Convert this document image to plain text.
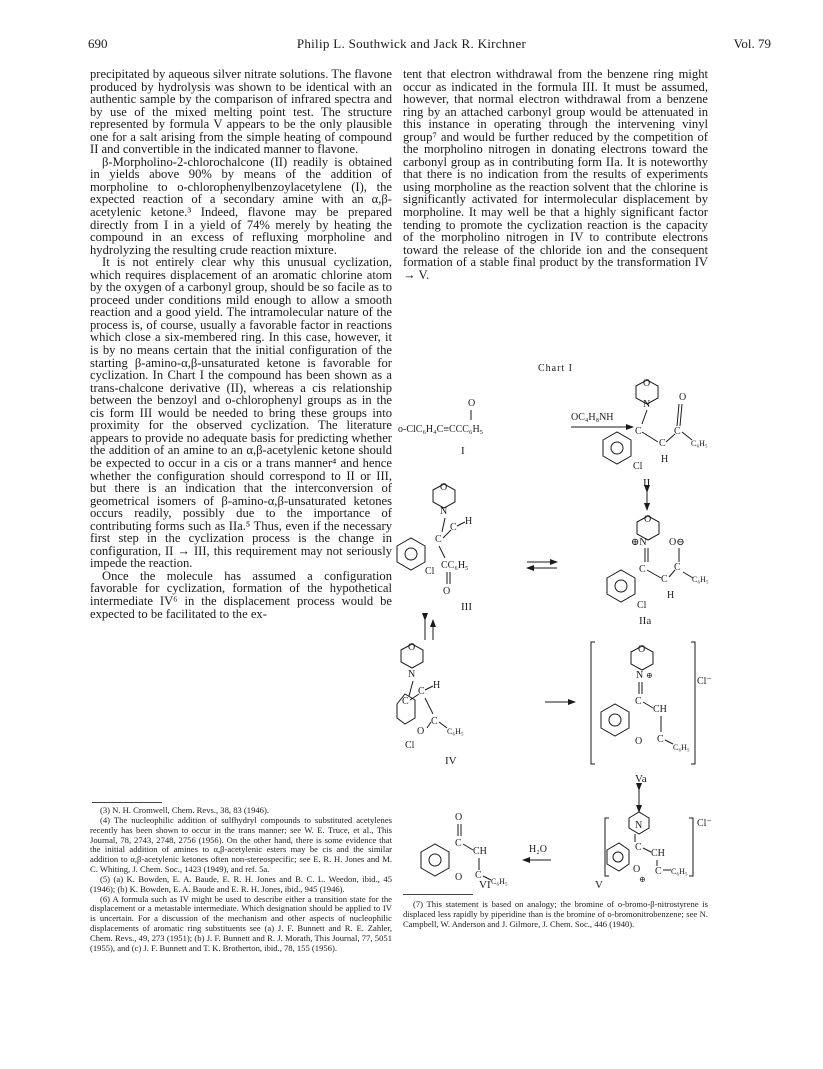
690	Philip L. Southwick and Jack R. Kirchner	Vol. 79

precipitated by aqueous silver nitrate solutions. The flavone produced by hydrolysis was shown to be identical with an authentic sample by the comparison of infrared spectra and by use of the mixed melting point test. The structure represented by formula V appears to be the only plausible one for a salt arising from the simple heating of compound II and convertible in the indicated manner to flavone.

β-Morpholino-2-chlorochalcone (II) readily is obtained in yields above 90% by means of the addition of morpholine to o-chlorophenylbenzoylacetylene (I), the expected reaction of a secondary amine with an α,β-acetylenic ketone.³ Indeed, flavone may be prepared directly from I in a yield of 74% merely by heating the compound in an excess of refluxing morpholine and hydrolyzing the resulting crude reaction mixture.

It is not entirely clear why this unusual cyclization, which requires displacement of an aromatic chlorine atom by the oxygen of a carbonyl group, should be so facile as to proceed under conditions mild enough to allow a smooth reaction and a good yield. The intramolecular nature of the process is, of course, usually a favorable factor in reactions which close a six-membered ring. In this case, however, it is by no means certain that the initial configuration of the starting β-amino-α,β-unsaturated ketone is favorable for cyclization. In Chart I the compound has been shown as a trans-chalcone derivative (II), whereas a cis relationship between the benzoyl and o-chlorophenyl groups as in the cis form III would be needed to bring these groups into proximity for the observed cyclization. The literature appears to provide no adequate basis for predicting whether the addition of an amine to an α,β-acetylenic ketone should be expected to occur in a cis or a trans manner⁴ and hence whether the configuration should correspond to II or III, but there is an indication that the interconversion of geometrical isomers of β-amino-α,β-unsaturated ketones occurs readily, possibly due to the importance of contributing forms such as IIa.⁵ Thus, even if the necessary first step in the cyclization process is the change in configuration, II → III, this requirement may not seriously impede the reaction.

Once the molecule has assumed a configuration favorable for cyclization, formation of the hypothetical intermediate IV⁶ in the displacement process would be expected to be facilitated to the ex-

(3) N. H. Cromwell, Chem. Revs., 38, 83 (1946).

(4) The nucleophilic addition of sulfhydryl compounds to substituted acetylenes recently has been shown to occur in the trans manner; see W. E. Truce, et al., This Journal, 78, 2743, 2748, 2756 (1956). On the other hand, there is some evidence that the initial addition of amines to α,β-acetylenic esters may be cis and the similar addition to α,β-acetylenic ketones often non-stereospecific; see E. R. H. Jones and M. C. Whiting, J. Chem. Soc., 1423 (1949), and ref. 5a.

(5) (a) K. Bowden, E. A. Baude, E. R. H. Jones and B. C. L. Weedon, ibid., 45 (1946); (b) K. Bowden, E. A. Baude and E. R. H. Jones, ibid., 945 (1946).

(6) A formula such as IV might be used to describe either a transition state for the displacement or a metastable intermediate. Which designation should be applied to IV is uncertain. For a discussion of the mechanism and other aspects of nucleophilic displacements of aromatic ring substituents see (a) J. F. Bunnett and R. E. Zahler, Chem. Revs., 49, 273 (1951); (b) J. F. Bunnett and R. J. Morath, This Journal, 77, 5051 (1955), and (c) J. F. Bunnett and T. K. Brotherton, ibid., 78, 155 (1956).

tent that electron withdrawal from the benzene ring might occur as indicated in the formula III. It must be assumed, however, that normal electron withdrawal from a benzene ring by an attached carbonyl group would be attenuated in this instance in operating through the intervening vinyl group⁷ and would be further reduced by the competition of the morpholino nitrogen in donating electrons toward the carbonyl group as in contributing form IIa. It is noteworthy that there is no indication from the results of experiments using morpholine as the reaction solvent that the chlorine is significantly activated for intermolecular displacement by morpholine. It may well be that a highly significant factor tending to promote the cyclization reaction is the capacity of the morpholino nitrogen in IV to contribute electrons toward the release of the chloride ion and the consequent formation of a stable final product by the transformation IV → V.

Chart I
O
o-ClC₆H₄C≡CCC₆H₅
I
OC₄H₈NH
O
N
O
C
C
C
C₆H₅
H
Cl
II
O
⊕N O⊖
C
C
C
C₆H₅
H
Cl
IIa
O
N
C
C
H
CC₆H₅
O
Cl
III
O
N
C
C
H
C
C₆H₅
O
Cl
IV
O
N ⊕
C
CH
C
C₆H₅
O
Cl⁻
Va
N
C
CH
C C₆H₅
O
⊕
Cl⁻
V
H₂O
O
C
CH
C
C₆H₅
O
VI

(7) This statement is based on analogy; the bromine of o-bromo-β-nitrostyrene is displaced less rapidly by piperidine than is the bromine of o-bromonitrobenzene; see N. Campbell, W. Anderson and J. Gilmore, J. Chem. Soc., 446 (1940).
